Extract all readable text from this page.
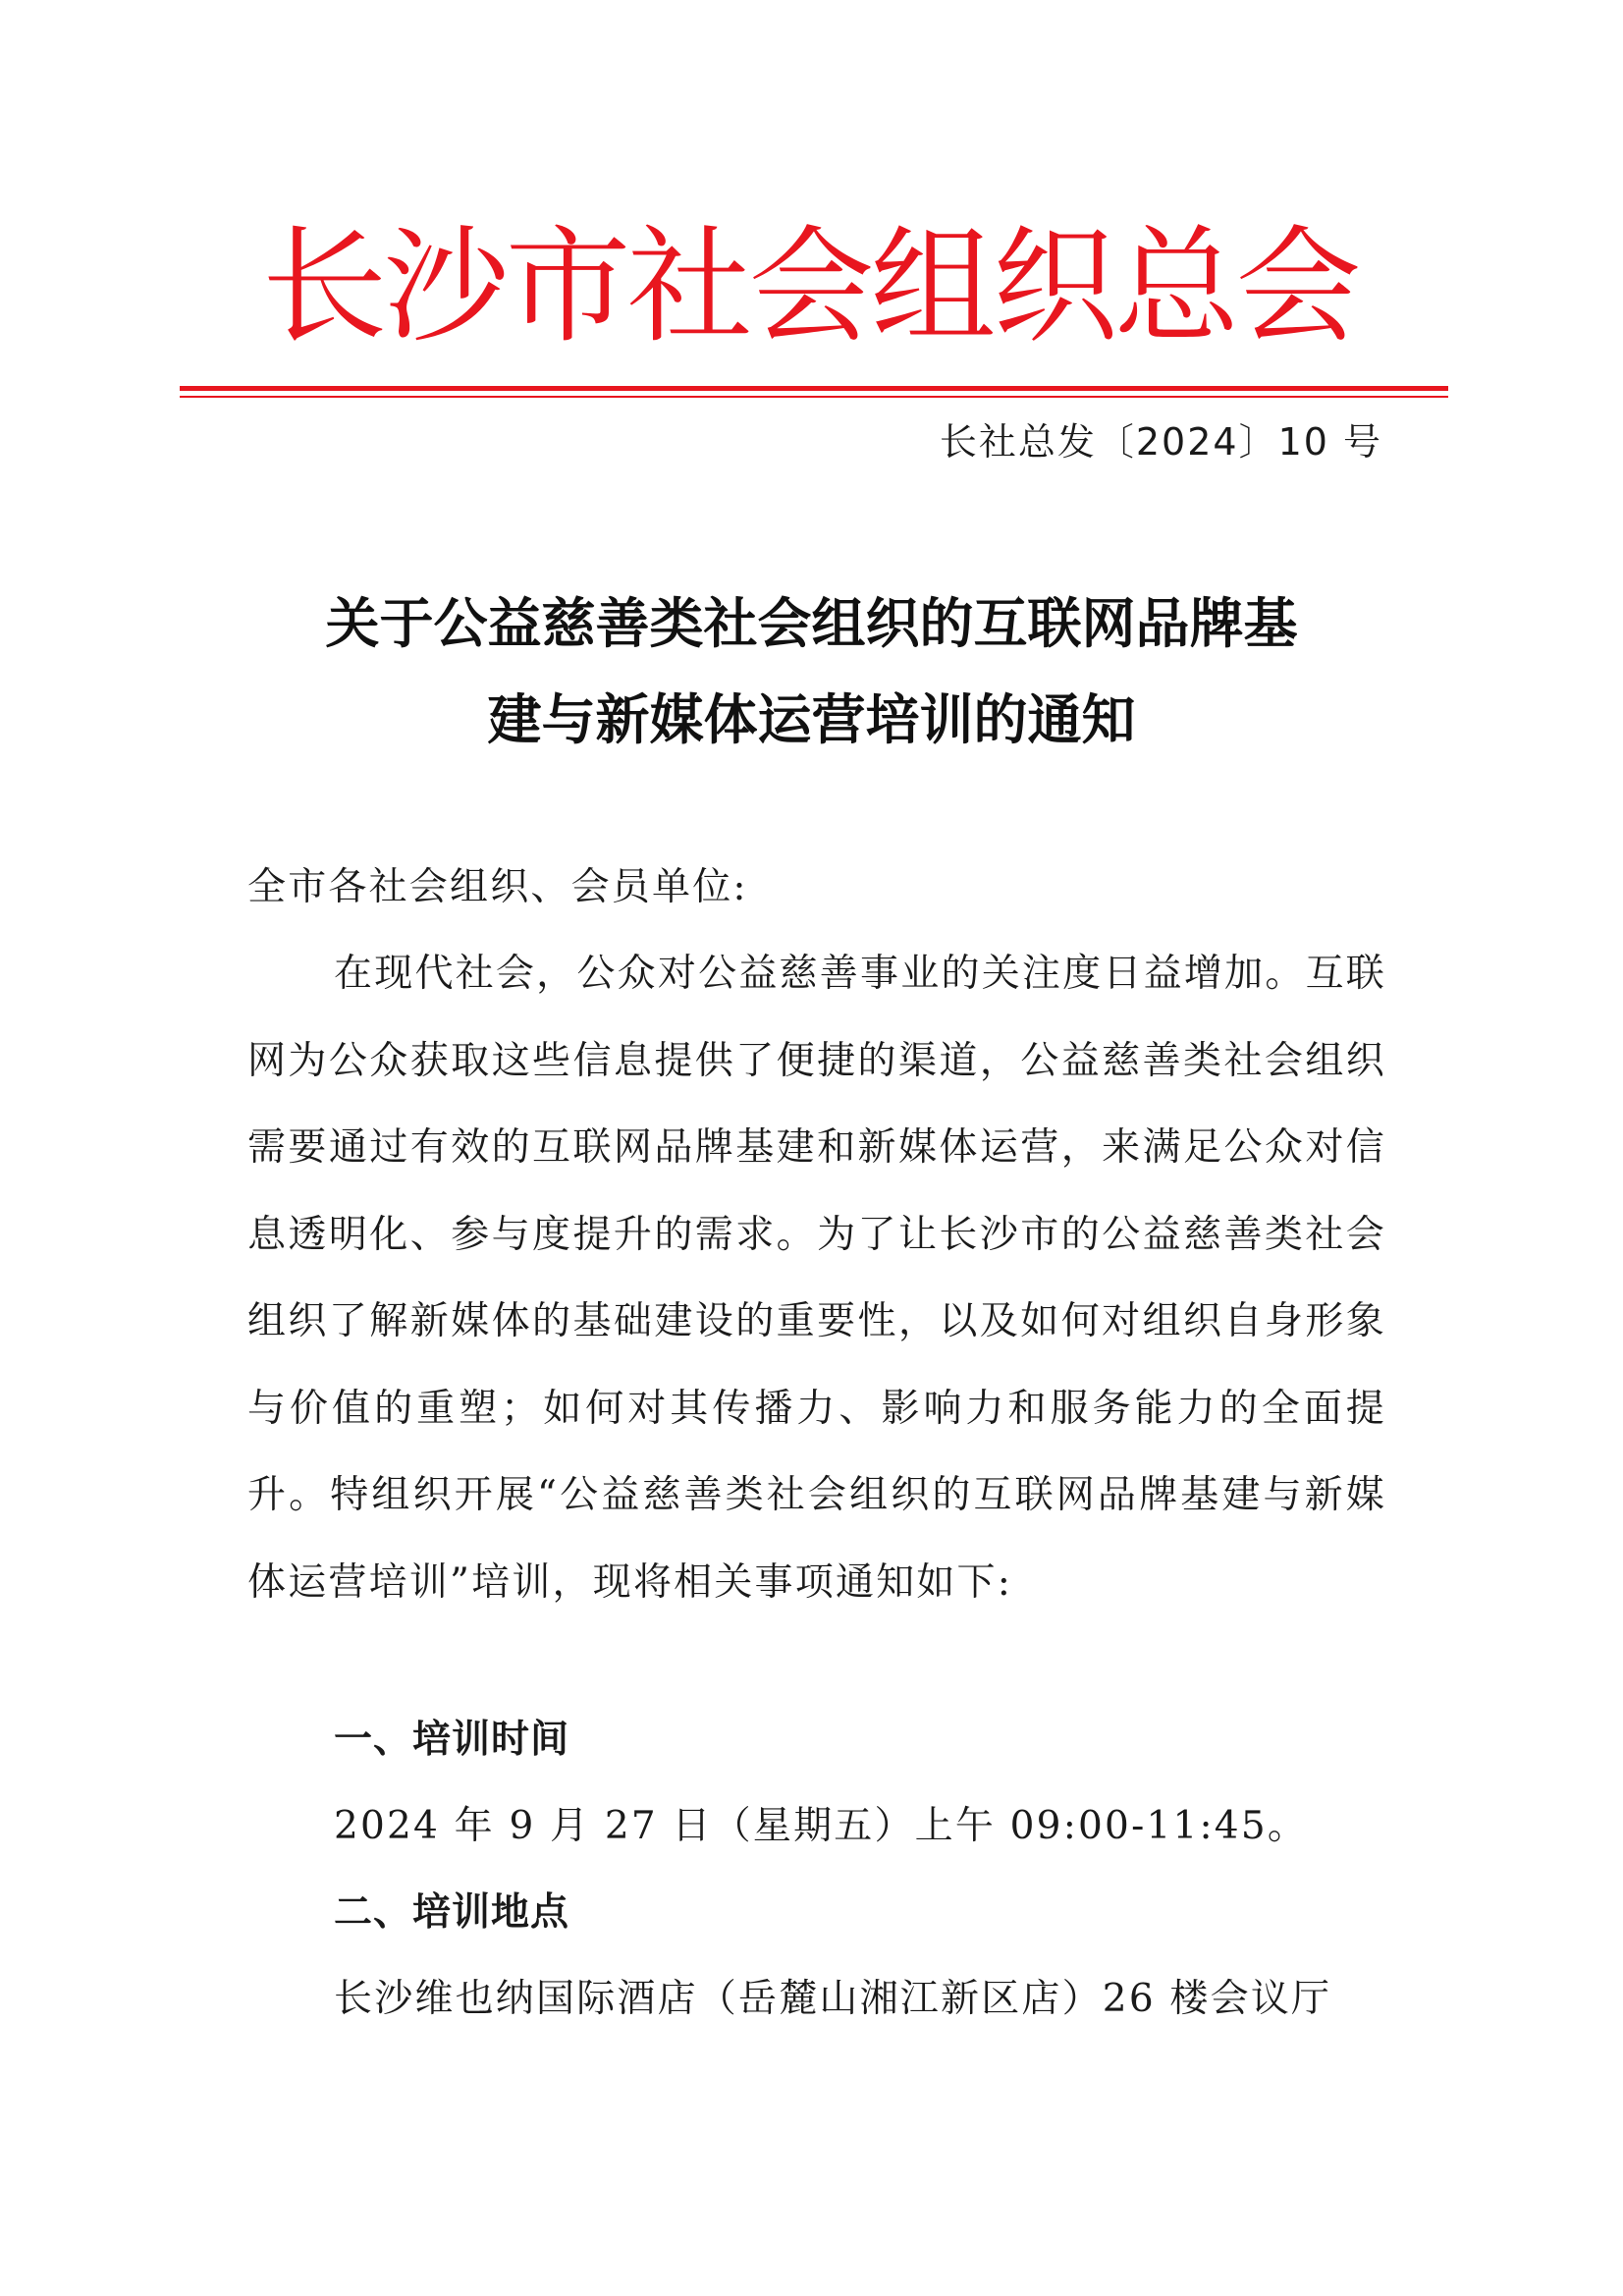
长沙市社会组织总会
长社总发〔2024〕10 号
关于公益慈善类社会组织的互联网品牌基
建与新媒体运营培训的通知
全市各社会组织、会员单位:
在现代社会，公众对公益慈善事业的关注度日益增加。互联网为公众获取这些信息提供了便捷的渠道，公益慈善类社会组织需要通过有效的互联网品牌基建和新媒体运营，来满足公众对信息透明化、参与度提升的需求。为了让长沙市的公益慈善类社会组织了解新媒体的基础建设的重要性，以及如何对组织自身形象与价值的重塑；如何对其传播力、影响力和服务能力的全面提升。特组织开展“公益慈善类社会组织的互联网品牌基建与新媒体运营培训”培训，现将相关事项通知如下:
一、培训时间
2024 年 9 月 27 日（星期五）上午 09:00-11:45。
二、培训地点
长沙维也纳国际酒店（岳麓山湘江新区店）26 楼会议厅
